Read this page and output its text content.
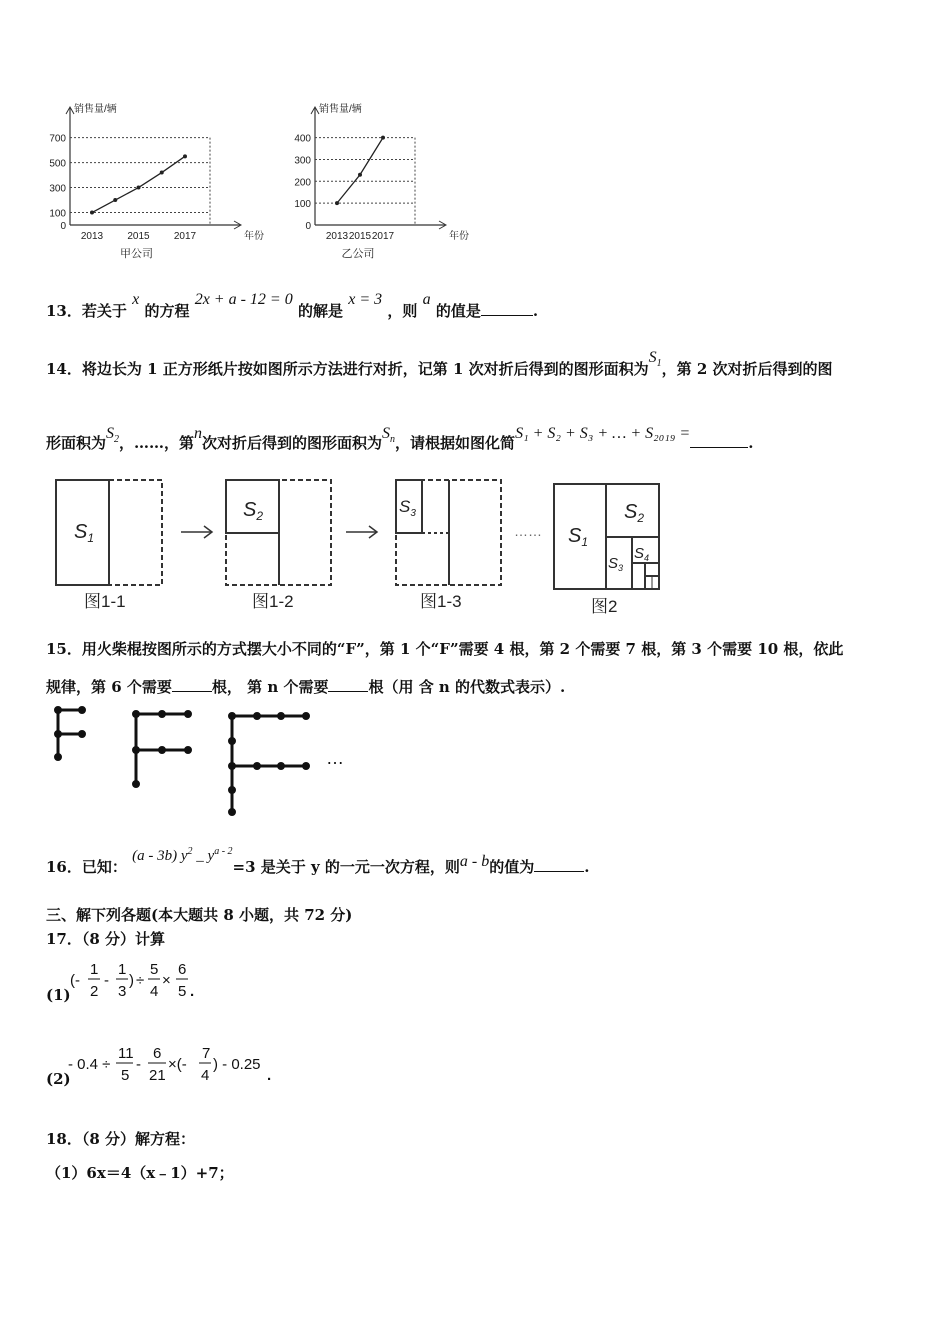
700
500
300
100
0
2013 2015 2017
销售量/辆
年份
甲公司
400
300
200
100
0
2013 2015 2017
销售量/辆
年份
乙公司
13．若关于 x 的方程 2x + a - 12 = 0 的解是 x = 3 ，则 a 的值是	.
14．将边长为 1 正方形纸片按如图所示方法进行对折，记第 1 次对折后得到的图形面积为$S_1$，第 2 次对折后得到的图
形面积为$S_2$，……，第n次对折后得到的图形面积为$S_n$，请根据如图化简S₁ + S₂ + S₃ + … + S₂₀₁₉ =.
$S_1$
$S_2$	$S_3$
$S_1$
$S_2$
$S_3$
$S_4$
……
图1-1	图1-2	图1-3	图2
15．用火柴棍按图所示的方式摆大小不同的“F”，第 1 个“F”需要 4 根，第 2 个需要 7 根，第 3 个需要 10 根，依此
规律，第 6 个需要	根， 第 n 个需要	根（用 含 n 的代数式表示）.
…
16．已知： (a - 3b) $y^2$ _ $y^{a - 2}=3$ 是关于 y 的一元一次方程，则a - b的值为	.
三、解下列各题(本大题共 8 小题，共 72 分)
17．（8 分）计算
(1)
(-
1
2
-
1
3
) ÷
5
4
×
6
5 .
(2)
- 0.4 ÷
11
5
-
6
21
×(-
7
4
) - 0.25
.
18．（8 分）解方程：
（1）6x＝4（x﹣1）+7；
